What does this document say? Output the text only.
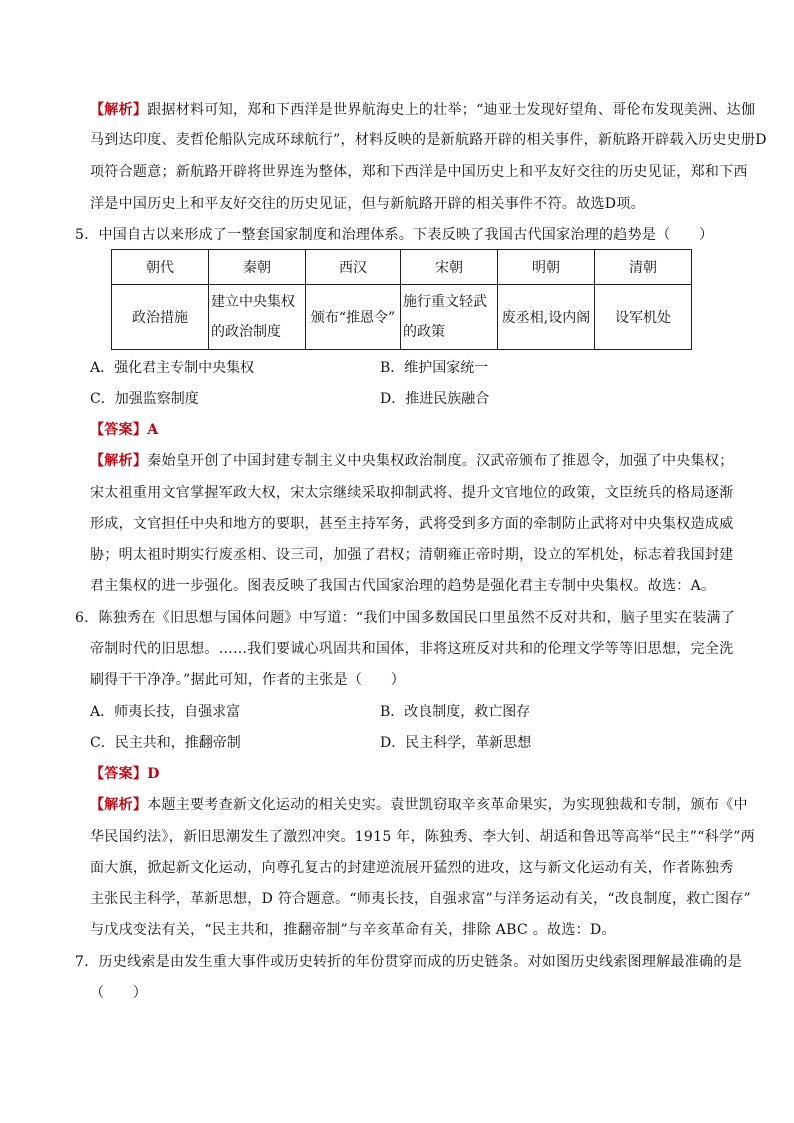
【解析】跟据材料可知，郑和下西洋是世界航海史上的壮举；“迪亚士发现好望角、哥伦布发现美洲、达伽
马到达印度、麦哲伦船队完成环球航行”，材料反映的是新航路开辟的相关事件，新航路开辟载入历史史册D
项符合题意；新航路开辟将世界连为整体，郑和下西洋是中国历史上和平友好交往的历史见证，郑和下西
洋是中国历史上和平友好交往的历史见证，但与新航路开辟的相关事件不符。故选D项。
5．中国自古以来形成了一整套国家制度和治理体系。下表反映了我国古代国家治理的趋势是（　　）
朝代	秦朝	西汉	宋朝	明朝	清朝
政治措施	建立中央集权的政治制度	颁布“推恩令”	施行重文轻武的政策	废丞相,设内阁	设军机处
A．强化君主专制中央集权	B．维护国家统一
C．加强监察制度	D．推进民族融合
【答案】A
【解析】秦始皇开创了中国封建专制主义中央集权政治制度。汉武帝颁布了推恩令，加强了中央集权；
宋太祖重用文官掌握军政大权，宋太宗继续采取抑制武将、提升文官地位的政策，文臣统兵的格局逐渐
形成，文官担任中央和地方的要职，甚至主持军务，武将受到多方面的牵制防止武将对中央集权造成威
胁；明太祖时期实行废丞相、设三司，加强了君权；清朝雍正帝时期，设立的军机处，标志着我国封建
君主集权的进一步强化。图表反映了我国古代国家治理的趋势是强化君主专制中央集权。故选：A。
6．陈独秀在《旧思想与国体问题》中写道：“我们中国多数国民口里虽然不反对共和，脑子里实在装满了
帝制时代的旧思想。……我们要诚心巩固共和国体，非将这班反对共和的伦理文学等等旧思想，完全洗
刷得干干净净。”据此可知，作者的主张是（　　）
A．师夷长技，自强求富	B．改良制度，救亡图存
C．民主共和，推翻帝制	D．民主科学，革新思想
【答案】D
【解析】本题主要考查新文化运动的相关史实。袁世凯窃取辛亥革命果实，为实现独裁和专制，颁布《中
华民国约法》，新旧思潮发生了激烈冲突。1915 年，陈独秀、李大钊、胡适和鲁迅等高举“民主”“科学”两
面大旗，掀起新文化运动，向尊孔复古的封建逆流展开猛烈的进攻，这与新文化运动有关，作者陈独秀
主张民主科学，革新思想，D 符合题意。“师夷长技，自强求富”与洋务运动有关，“改良制度，救亡图存”
与戊戌变法有关，“民主共和，推翻帝制”与辛亥革命有关，排除 ABC 。故选：D。
7．历史线索是由发生重大事件或历史转折的年份贯穿而成的历史链条。对如图历史线索图理解最准确的是
（　　）
